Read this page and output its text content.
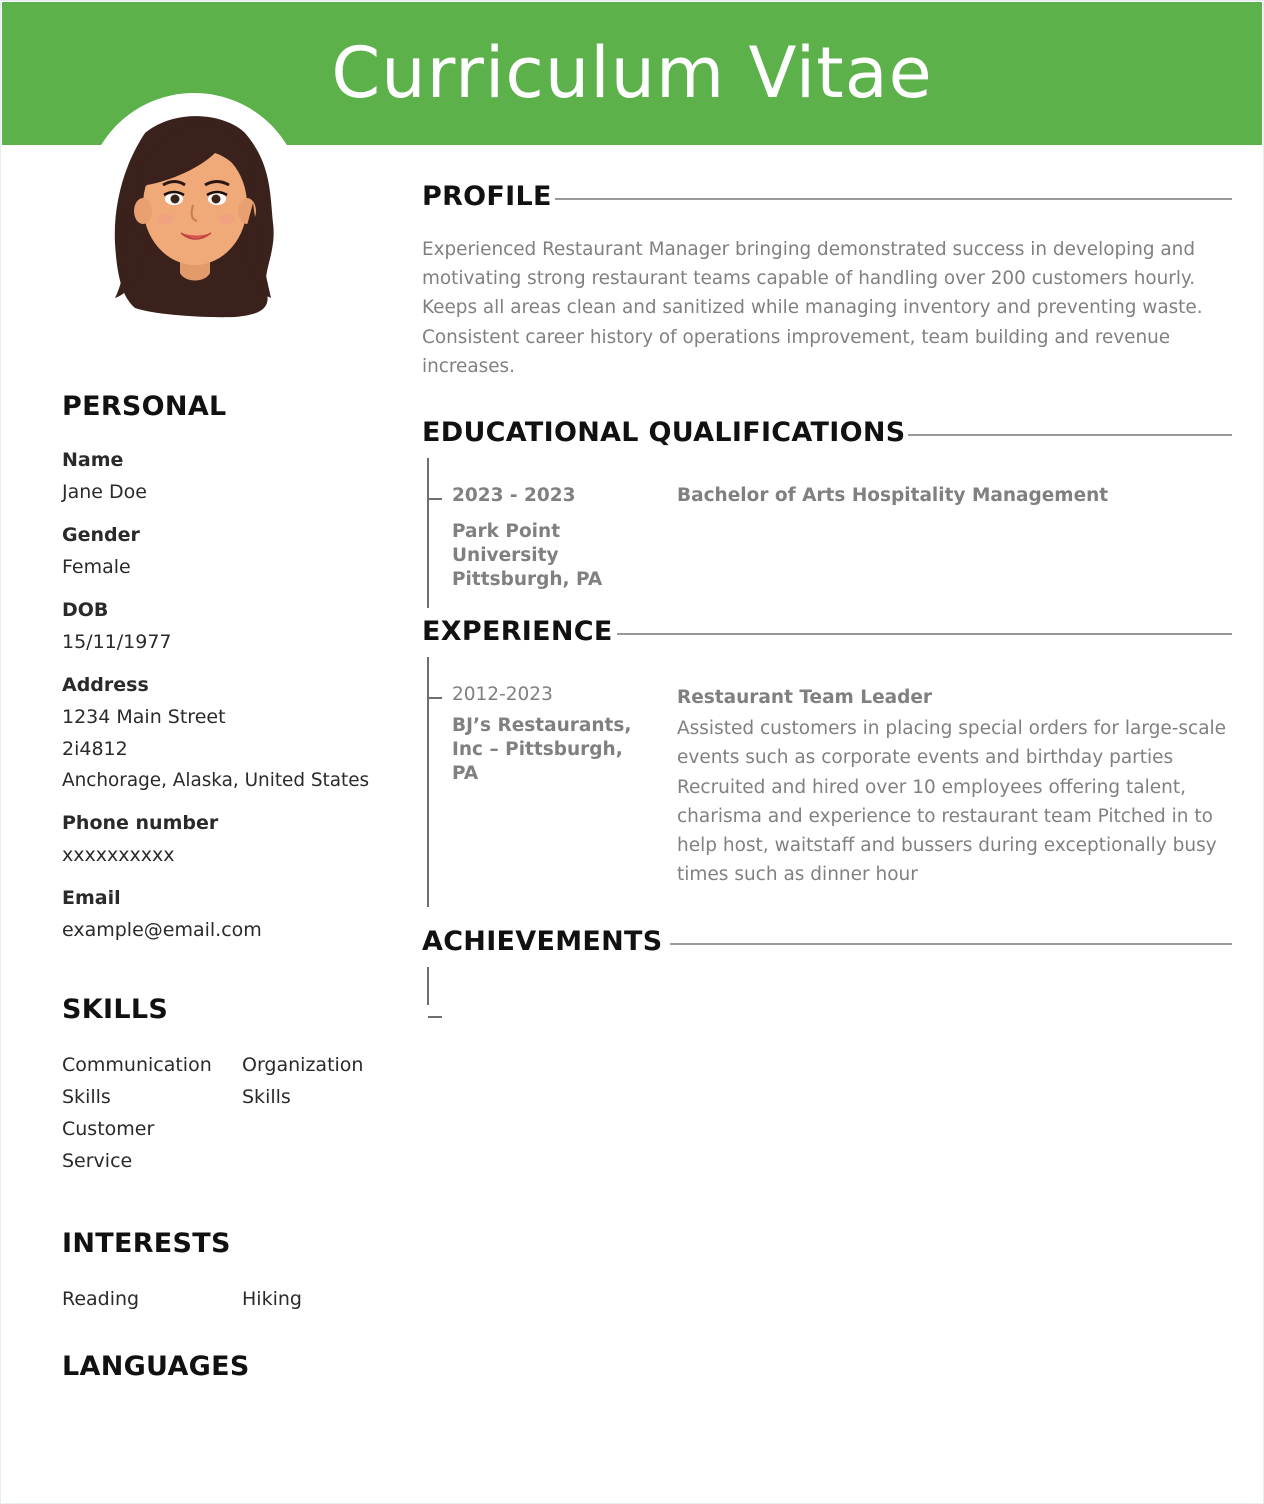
Curriculum Vitae
PERSONAL
Name
Jane Doe
Gender
Female
DOB
15/11/1977
Address
1234 Main Street
2i4812
Anchorage, Alaska, United States
Phone number
xxxxxxxxxx
Email
example@email.com
SKILLS
Communication Skills
Organization Skills
Customer Service
INTERESTS
Reading	Hiking
LANGUAGES
PROFILE
Experienced Restaurant Manager bringing demonstrated success in developing and motivating strong restaurant teams capable of handling over 200 customers hourly. Keeps all areas clean and sanitized while managing inventory and preventing waste. Consistent career history of operations improvement, team building and revenue increases.
EDUCATIONAL QUALIFICATIONS
2023 - 2023
Park Point University
Pittsburgh, PA
Bachelor of Arts Hospitality Management
EXPERIENCE
2012-2023
BJ’s Restaurants, Inc – Pittsburgh, PA
Restaurant Team Leader
Assisted customers in placing special orders for large-scale events such as corporate events and birthday parties Recruited and hired over 10 employees offering talent, charisma and experience to restaurant team Pitched in to help host, waitstaff and bussers during exceptionally busy times such as dinner hour
ACHIEVEMENTS
